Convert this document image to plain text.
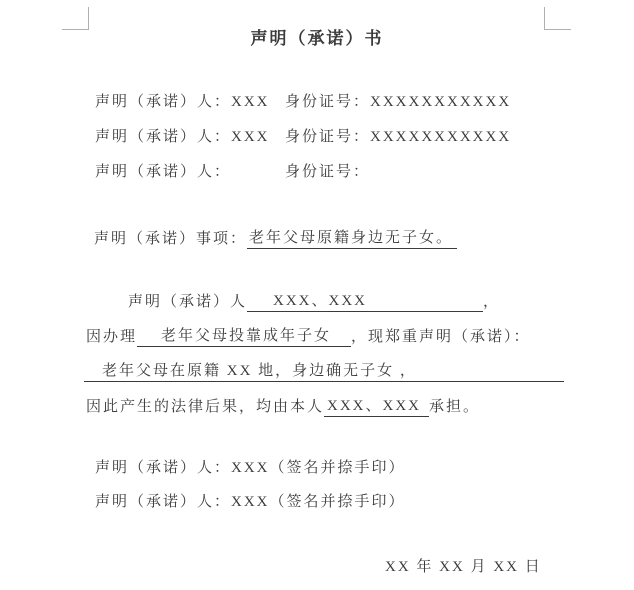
声明（承诺）书
声明（承诺）人：XXX 身份证号：XXXXXXXXXXX
声明（承诺）人：XXX 身份证号：XXXXXXXXXXX
声明（承诺）人：	身份证号：
声明（承诺）事项： 老年父母原籍身边无子女。
声明（承诺）人 XXX、XXX	，
因办理 老年父母投靠成年子女 ，现郑重声明（承诺）：
老年父母在原籍 XX 地，身边确无子女 ，
因此产生的法律后果，均由本人 XXX、XXX 承担。
声明（承诺）人：XXX（签名并捺手印）
声明（承诺）人：XXX（签名并捺手印）
XX 年 XX 月 XX 日
